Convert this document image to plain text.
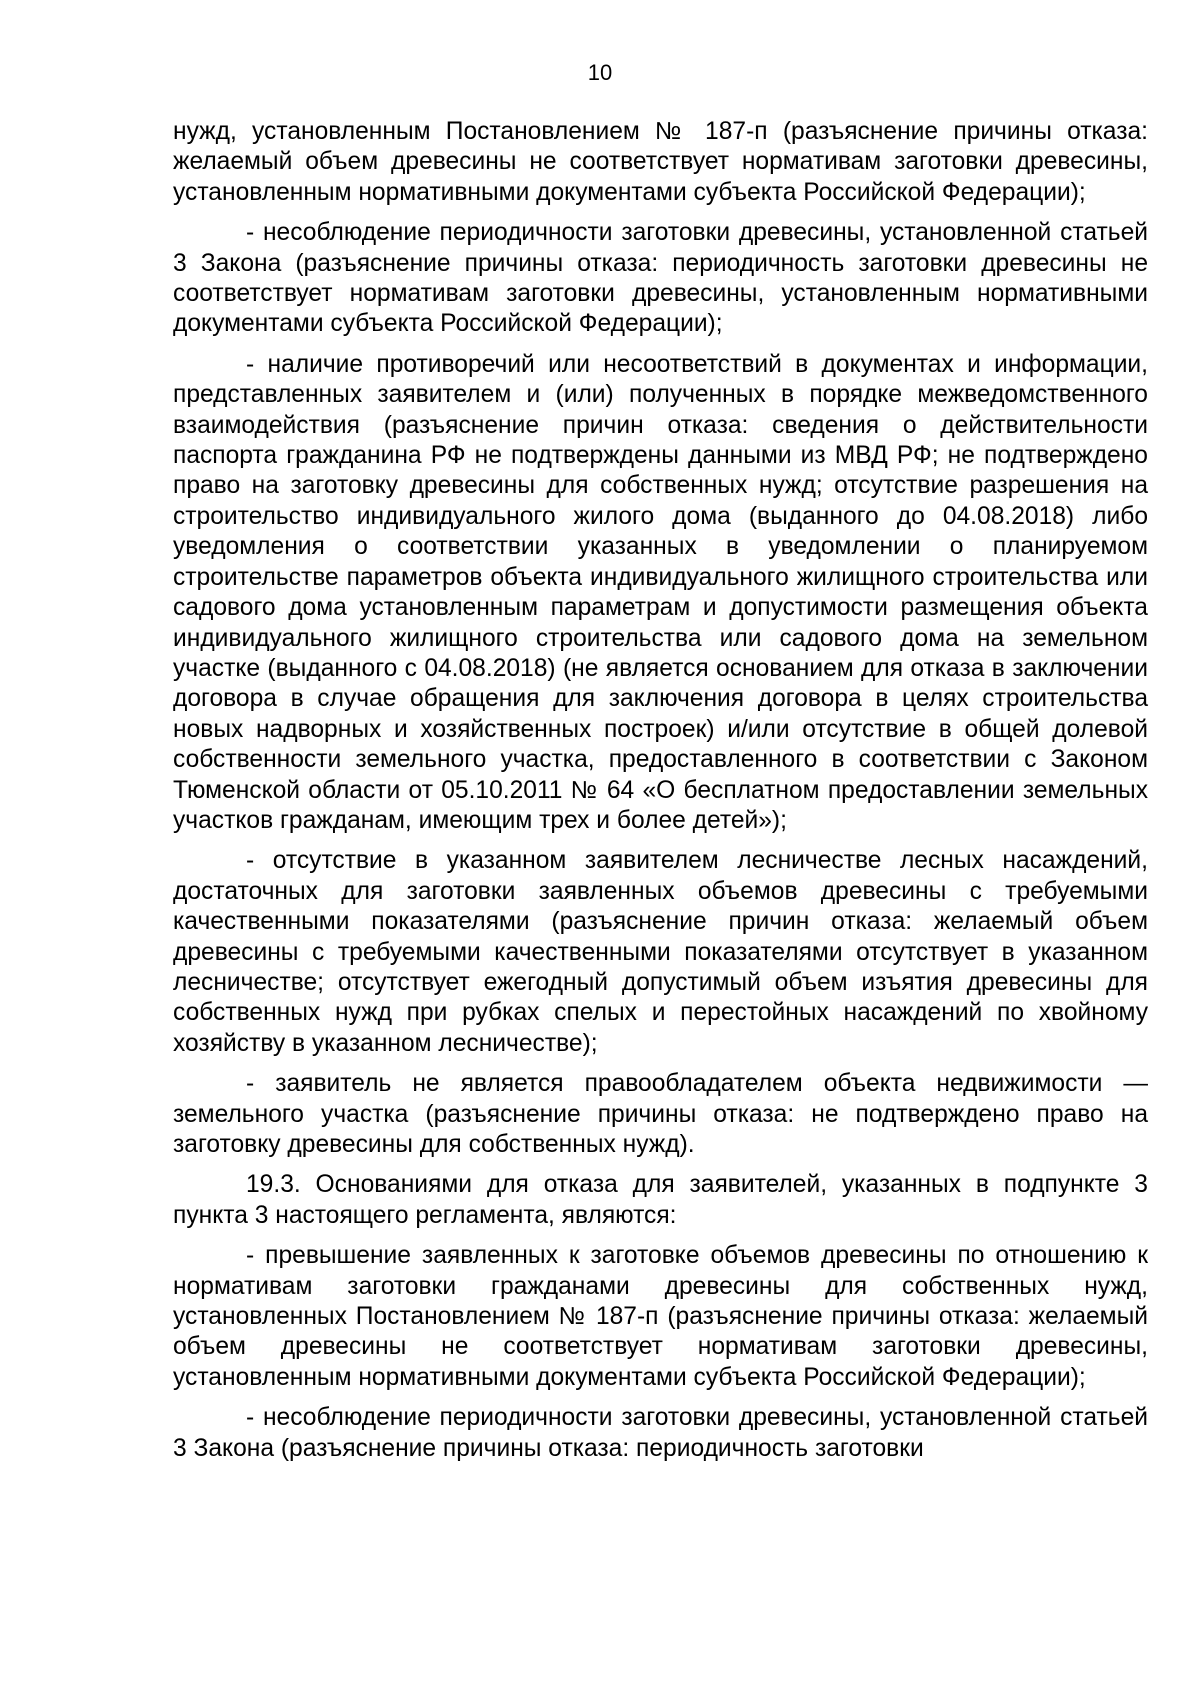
10

нужд, установленным Постановлением № 187-п (разъяснение причины отказа: желаемый объем древесины не соответствует нормативам заготовки древесины, установленным нормативными документами субъекта Российской Федерации);

- несоблюдение периодичности заготовки древесины, установленной статьей 3 Закона (разъяснение причины отказа: периодичность заготовки древесины не соответствует нормативам заготовки древесины, установленным нормативными документами субъекта Российской Федерации);

- наличие противоречий или несоответствий в документах и информации, представленных заявителем и (или) полученных в порядке межведомственного взаимодействия (разъяснение причин отказа: сведения о действительности паспорта гражданина РФ не подтверждены данными из МВД РФ; не подтверждено право на заготовку древесины для собственных нужд; отсутствие разрешения на строительство индивидуального жилого дома (выданного до 04.08.2018) либо уведомления о соответствии указанных в уведомлении о планируемом строительстве параметров объекта индивидуального жилищного строительства или садового дома установленным параметрам и допустимости размещения объекта индивидуального жилищного строительства или садового дома на земельном участке (выданного с 04.08.2018) (не является основанием для отказа в заключении договора в случае обращения для заключения договора в целях строительства новых надворных и хозяйственных построек) и/или отсутствие в общей долевой собственности земельного участка, предоставленного в соответствии с Законом Тюменской области от 05.10.2011 № 64 «О бесплатном предоставлении земельных участков гражданам, имеющим трех и более детей»);

- отсутствие в указанном заявителем лесничестве лесных насаждений, достаточных для заготовки заявленных объемов древесины с требуемыми качественными показателями (разъяснение причин отказа: желаемый объем древесины с требуемыми качественными показателями отсутствует в указанном лесничестве; отсутствует ежегодный допустимый объем изъятия древесины для собственных нужд при рубках спелых и перестойных насаждений по хвойному хозяйству в указанном лесничестве);

- заявитель не является правообладателем объекта недвижимости — земельного участка (разъяснение причины отказа: не подтверждено право на заготовку древесины для собственных нужд).

19.3. Основаниями для отказа для заявителей, указанных в подпункте 3 пункта 3 настоящего регламента, являются:

- превышение заявленных к заготовке объемов древесины по отношению к нормативам заготовки гражданами древесины для собственных нужд, установленных Постановлением № 187-п (разъяснение причины отказа: желаемый объем древесины не соответствует нормативам заготовки древесины, установленным нормативными документами субъекта Российской Федерации);

- несоблюдение периодичности заготовки древесины, установленной статьей 3 Закона (разъяснение причины отказа: периодичность заготовки
